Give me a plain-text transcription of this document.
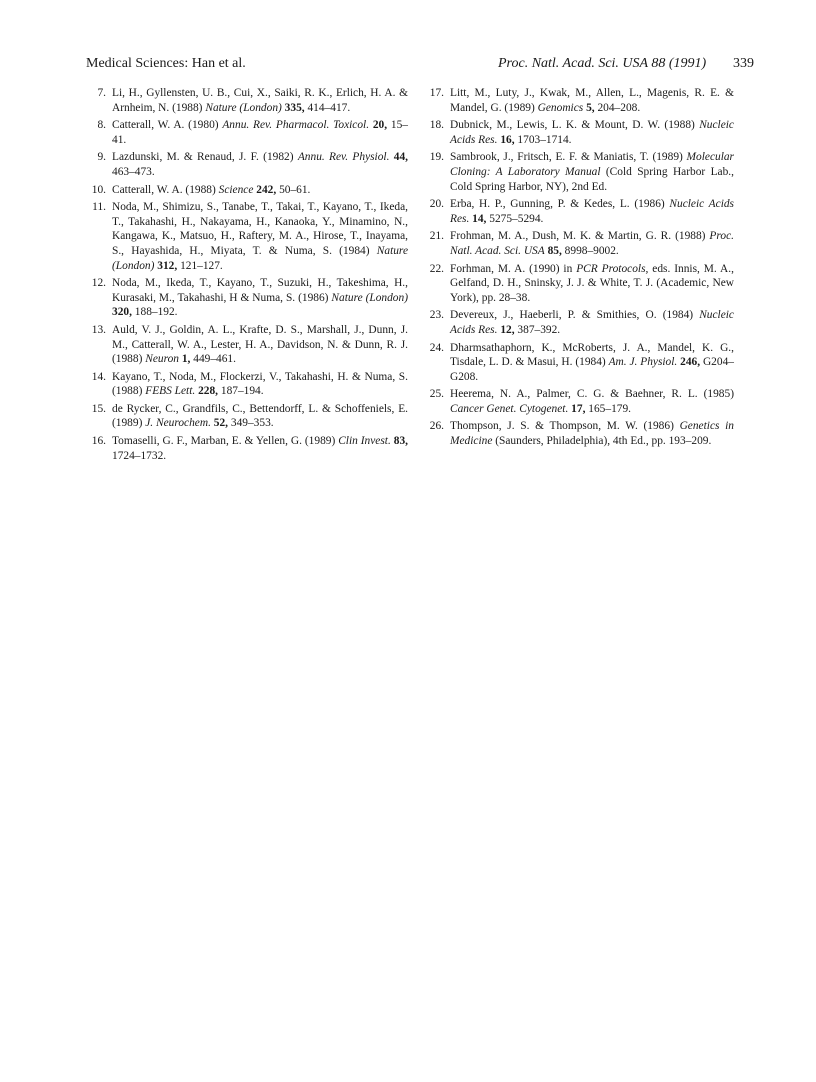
Medical Sciences: Han et al.	Proc. Natl. Acad. Sci. USA 88 (1991) 339
7. Li, H., Gyllensten, U. B., Cui, X., Saiki, R. K., Erlich, H. A. & Arnheim, N. (1988) Nature (London) 335, 414–417.
8. Catterall, W. A. (1980) Annu. Rev. Pharmacol. Toxicol. 20, 15–41.
9. Lazdunski, M. & Renaud, J. F. (1982) Annu. Rev. Physiol. 44, 463–473.
10. Catterall, W. A. (1988) Science 242, 50–61.
11. Noda, M., Shimizu, S., Tanabe, T., Takai, T., Kayano, T., Ikeda, T., Takahashi, H., Nakayama, H., Kanaoka, Y., Minamino, N., Kangawa, K., Matsuo, H., Raftery, M. A., Hirose, T., Inayama, S., Hayashida, H., Miyata, T. & Numa, S. (1984) Nature (London) 312, 121–127.
12. Noda, M., Ikeda, T., Kayano, T., Suzuki, H., Takeshima, H., Kurasaki, M., Takahashi, H & Numa, S. (1986) Nature (London) 320, 188–192.
13. Auld, V. J., Goldin, A. L., Krafte, D. S., Marshall, J., Dunn, J. M., Catterall, W. A., Lester, H. A., Davidson, N. & Dunn, R. J. (1988) Neuron 1, 449–461.
14. Kayano, T., Noda, M., Flockerzi, V., Takahashi, H. & Numa, S. (1988) FEBS Lett. 228, 187–194.
15. de Rycker, C., Grandfils, C., Bettendorff, L. & Schoffeniels, E. (1989) J. Neurochem. 52, 349–353.
16. Tomaselli, G. F., Marban, E. & Yellen, G. (1989) Clin Invest. 83, 1724–1732.
17. Litt, M., Luty, J., Kwak, M., Allen, L., Magenis, R. E. & Mandel, G. (1989) Genomics 5, 204–208.
18. Dubnick, M., Lewis, L. K. & Mount, D. W. (1988) Nucleic Acids Res. 16, 1703–1714.
19. Sambrook, J., Fritsch, E. F. & Maniatis, T. (1989) Molecular Cloning: A Laboratory Manual (Cold Spring Harbor Lab., Cold Spring Harbor, NY), 2nd Ed.
20. Erba, H. P., Gunning, P. & Kedes, L. (1986) Nucleic Acids Res. 14, 5275–5294.
21. Frohman, M. A., Dush, M. K. & Martin, G. R. (1988) Proc. Natl. Acad. Sci. USA 85, 8998–9002.
22. Forhman, M. A. (1990) in PCR Protocols, eds. Innis, M. A., Gelfand, D. H., Sninsky, J. J. & White, T. J. (Academic, New York), pp. 28–38.
23. Devereux, J., Haeberli, P. & Smithies, O. (1984) Nucleic Acids Res. 12, 387–392.
24. Dharmsathaphorn, K., McRoberts, J. A., Mandel, K. G., Tisdale, L. D. & Masui, H. (1984) Am. J. Physiol. 246, G204–G208.
25. Heerema, N. A., Palmer, C. G. & Baehner, R. L. (1985) Cancer Genet. Cytogenet. 17, 165–179.
26. Thompson, J. S. & Thompson, M. W. (1986) Genetics in Medicine (Saunders, Philadelphia), 4th Ed., pp. 193–209.
